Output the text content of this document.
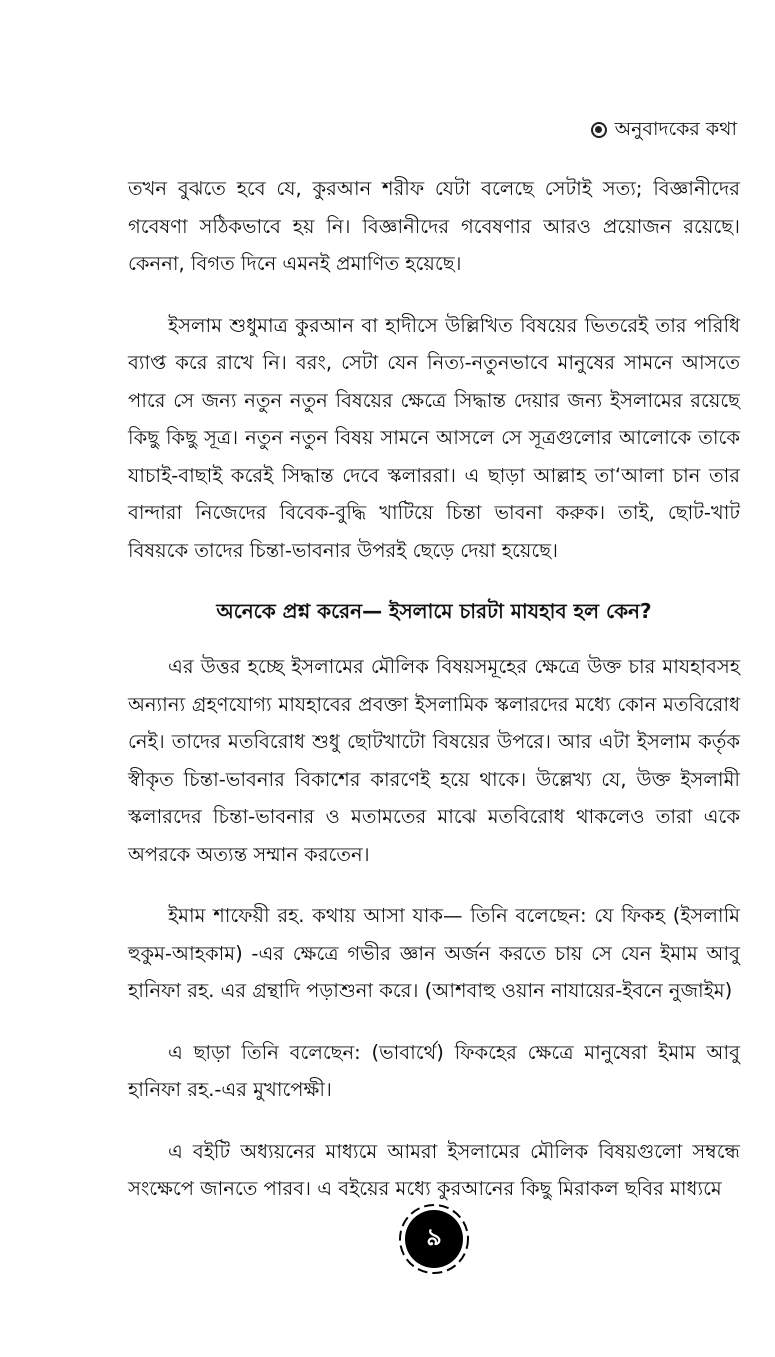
অনুবাদকের কথা

তখন বুঝতে হবে যে, কুরআন শরীফ যেটা বলেছে সেটাই সত্য; বিজ্ঞানীদের গবেষণা সঠিকভাবে হয় নি। বিজ্ঞানীদের গবেষণার আরও প্রয়োজন রয়েছে। কেননা, বিগত দিনে এমনই প্রমাণিত হয়েছে।

ইসলাম শুধুমাত্র কুরআন বা হাদীসে উল্লিখিত বিষয়ের ভিতরেই তার পরিধি ব্যাপ্ত করে রাখে নি। বরং, সেটা যেন নিত্য-নতুনভাবে মানুষের সামনে আসতে পারে সে জন্য নতুন নতুন বিষয়ের ক্ষেত্রে সিদ্ধান্ত দেয়ার জন্য ইসলামের রয়েছে কিছু কিছু সূত্র। নতুন নতুন বিষয় সামনে আসলে সে সূত্রগুলোর আলোকে তাকে যাচাই-বাছাই করেই সিদ্ধান্ত দেবে স্কলাররা। এ ছাড়া আল্লাহ তা‘আলা চান তার বান্দারা নিজেদের বিবেক-বুদ্ধি খাটিয়ে চিন্তা ভাবনা করুক। তাই, ছোট-খাট বিষয়কে তাদের চিন্তা-ভাবনার উপরই ছেড়ে দেয়া হয়েছে।

অনেকে প্রশ্ন করেন— ইসলামে চারটা মাযহাব হল কেন?

এর উত্তর হচ্ছে ইসলামের মৌলিক বিষয়সমূহের ক্ষেত্রে উক্ত চার মাযহাবসহ অন্যান্য গ্রহণযোগ্য মাযহাবের প্রবক্তা ইসলামিক স্কলারদের মধ্যে কোন মতবিরোধ নেই। তাদের মতবিরোধ শুধু ছোটখাটো বিষয়ের উপরে। আর এটা ইসলাম কর্তৃক স্বীকৃত চিন্তা-ভাবনার বিকাশের কারণেই হয়ে থাকে। উল্লেখ্য যে, উক্ত ইসলামী স্কলারদের চিন্তা-ভাবনার ও মতামতের মাঝে মতবিরোধ থাকলেও তারা একে অপরকে অত্যন্ত সম্মান করতেন।

ইমাম শাফেয়ী রহ. কথায় আসা যাক— তিনি বলেছেন: যে ফিকহ (ইসলামি হুকুম-আহকাম) -এর ক্ষেত্রে গভীর জ্ঞান অর্জন করতে চায় সে যেন ইমাম আবু হানিফা রহ. এর গ্রন্থাদি পড়াশুনা করে। (আশবাহু ওয়ান নাযায়ের-ইবনে নুজাইম)

এ ছাড়া তিনি বলেছেন: (ভাবার্থে) ফিকহের ক্ষেত্রে মানুষেরা ইমাম আবু হানিফা রহ.-এর মুখাপেক্ষী।

এ বইটি অধ্যয়নের মাধ্যমে আমরা ইসলামের মৌলিক বিষয়গুলো সম্বন্ধে সংক্ষেপে জানতে পারব। এ বইয়ের মধ্যে কুরআনের কিছু মিরাকল ছবির মাধ্যমে

৯
